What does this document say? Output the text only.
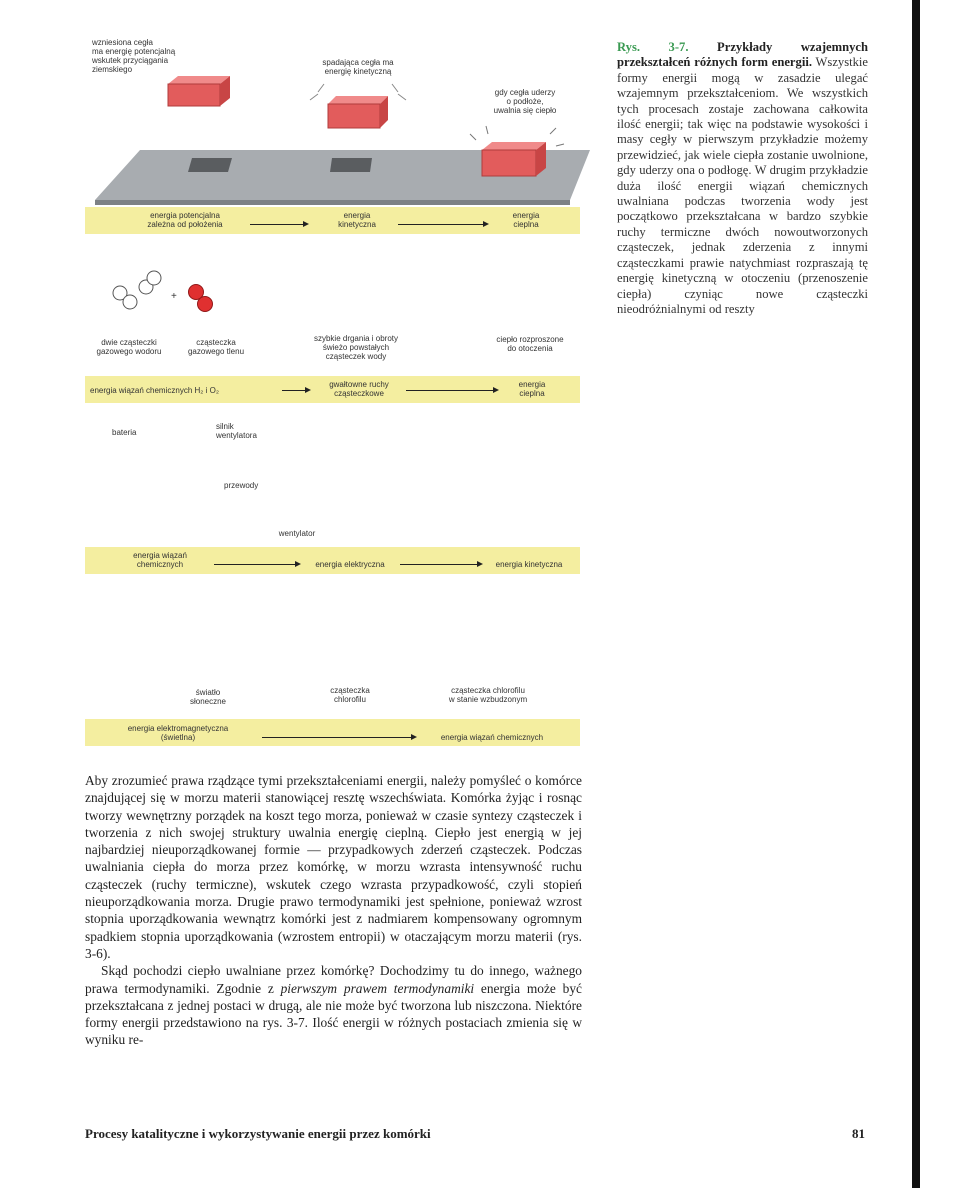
+
wzniesiona cegła
ma energię potencjalną
wskutek przyciągania
ziemskiego
spadająca cegła ma
energię kinetyczną
gdy cegła uderzy
o podłoże,
uwalnia się ciepło
energia potencjalna
zależna od położenia
energia
kinetyczna
energia
cieplna
dwie cząsteczki
gazowego wodoru
cząsteczka
gazowego tlenu
szybkie drgania i obroty
świeżo powstałych
cząsteczek wody
ciepło rozproszone
do otoczenia
energia wiązań chemicznych H₂ i O₂
gwałtowne ruchy
cząsteczkowe
energia
cieplna
bateria
silnik
wentylatora
przewody
wentylator
energia wiązań
chemicznych	energia elektryczna	energia kinetyczna
światło
słoneczne
cząsteczka
chlorofilu
cząsteczka chlorofilu
w stanie wzbudzonym
energia elektromagnetyczna
(świetlna)	energia wiązań chemicznych
+	+
Rys. 3-7. Przykłady wzajemnych przekształceń różnych form energii. Wszystkie formy energii mogą w zasadzie ulegać wzajemnym przekształceniom. We wszystkich tych procesach zostaje zachowana całkowita ilość energii; tak więc na podstawie wysokości i masy cegły w pierwszym przykładzie możemy przewidzieć, jak wiele ciepła zostanie uwolnione, gdy uderzy ona o podłogę. W drugim przykładzie duża ilość energii wiązań chemicznych uwalniana podczas tworzenia wody jest początkowo przekształcana w bardzo szybkie ruchy termiczne dwóch nowoutworzonych cząsteczek, jednak zderzenia z innymi cząsteczkami prawie natychmiast rozpraszają tę energię kinetyczną w otoczeniu (przenoszenie ciepła) czyniąc nowe cząsteczki nieodróżnialnymi od reszty

Aby zrozumieć prawa rządzące tymi przekształceniami energii, należy pomyśleć o komórce znajdującej się w morzu materii stanowiącej resztę wszechświata. Komórka żyjąc i rosnąc tworzy wewnętrzny porządek na koszt tego morza, ponieważ w czasie syntezy cząsteczek i tworzenia z nich swojej struktury uwalnia energię cieplną. Ciepło jest energią w jej najbardziej nieuporządkowanej formie — przypadkowych zderzeń cząsteczek. Podczas uwalniania ciepła do morza przez komórkę, w morzu wzrasta intensywność ruchu cząsteczek (ruchy termiczne), wskutek czego wzrasta przypadkowość, czyli stopień nieuporządkowania morza. Drugie prawo termodynamiki jest spełnione, ponieważ wzrost stopnia uporządkowania wewnątrz komórki jest z nadmiarem kompensowany ogromnym spadkiem stopnia uporządkowania (wzrostem entropii) w otaczającym morzu materii (rys. 3-6).

Skąd pochodzi ciepło uwalniane przez komórkę? Dochodzimy tu do innego, ważnego prawa termodynamiki. Zgodnie z pierwszym prawem termodynamiki energia może być przekształcana z jednej postaci w drugą, ale nie może być tworzona lub niszczona. Niektóre formy energii przedstawiono na rys. 3-7. Ilość energii w różnych postaciach zmienia się w wyniku re-

Procesy katalityczne i wykorzystywanie energii przez komórki	81
